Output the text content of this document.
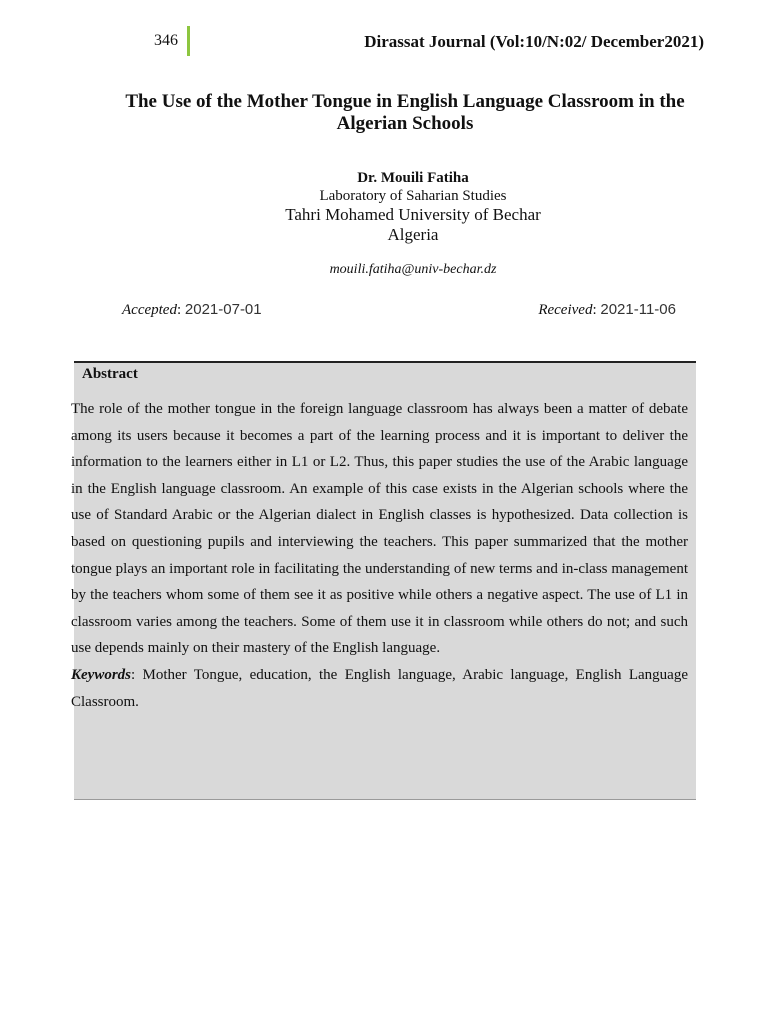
346	Dirassat Journal (Vol:10/N:02/ December2021)
The Use of the Mother Tongue in English Language Classroom in the Algerian Schools
Dr. Mouili Fatiha
Laboratory of Saharian Studies
Tahri Mohamed University of Bechar
Algeria
mouili.fatiha@univ-bechar.dz
Accepted: 2021-07-01	Received: 2021-11-06
Abstract
The role of the mother tongue in the foreign language classroom has always been a matter of debate among its users because it becomes a part of the learning process and it is important to deliver the information to the learners either in L1 or L2. Thus, this paper studies the use of the Arabic language in the English language classroom. An example of this case exists in the Algerian schools where the use of Standard Arabic or the Algerian dialect in English classes is hypothesized. Data collection is based on questioning pupils and interviewing the teachers. This paper summarized that the mother tongue plays an important role in facilitating the understanding of new terms and in-class management by the teachers whom some of them see it as positive while others a negative aspect. The use of L1 in classroom varies among the teachers. Some of them use it in classroom while others do not; and such use depends mainly on their mastery of the English language.
Keywords: Mother Tongue, education, the English language, Arabic language, English Language Classroom.
